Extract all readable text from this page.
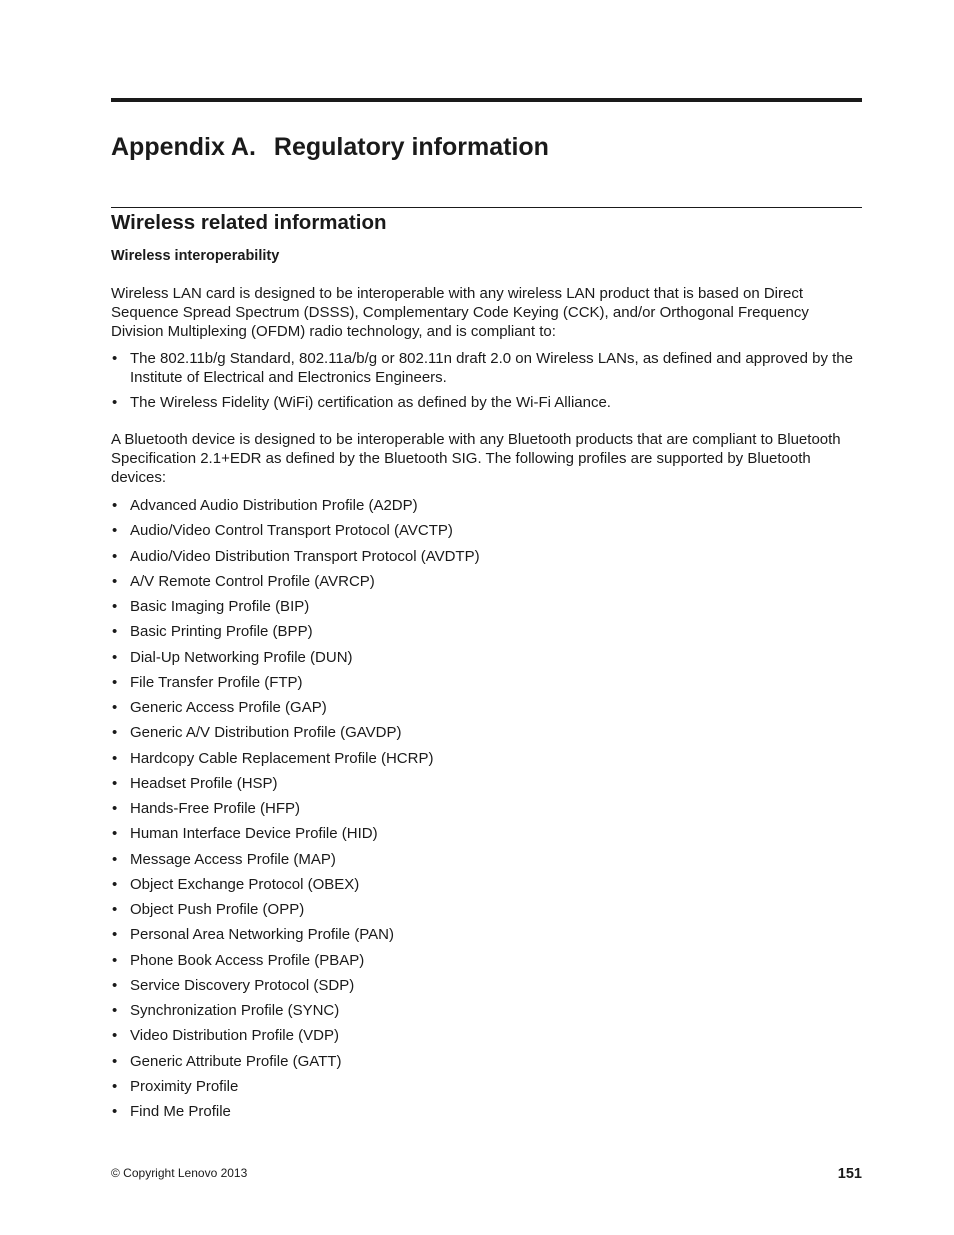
Appendix A. Regulatory information
Wireless related information
Wireless interoperability

Wireless LAN card is designed to be interoperable with any wireless LAN product that is based on Direct Sequence Spread Spectrum (DSSS), Complementary Code Keying (CCK), and/or Orthogonal Frequency Division Multiplexing (OFDM) radio technology, and is compliant to:

• The 802.11b/g Standard, 802.11a/b/g or 802.11n draft 2.0 on Wireless LANs, as defined and approved by the Institute of Electrical and Electronics Engineers.
• The Wireless Fidelity (WiFi) certification as defined by the Wi-Fi Alliance.

A Bluetooth device is designed to be interoperable with any Bluetooth products that are compliant to Bluetooth Specification 2.1+EDR as defined by the Bluetooth SIG. The following profiles are supported by Bluetooth devices:

• Advanced Audio Distribution Profile (A2DP)
• Audio/Video Control Transport Protocol (AVCTP)
• Audio/Video Distribution Transport Protocol (AVDTP)
• A/V Remote Control Profile (AVRCP)
• Basic Imaging Profile (BIP)
• Basic Printing Profile (BPP)
• Dial-Up Networking Profile (DUN)
• File Transfer Profile (FTP)
• Generic Access Profile (GAP)
• Generic A/V Distribution Profile (GAVDP)
• Hardcopy Cable Replacement Profile (HCRP)
• Headset Profile (HSP)
• Hands-Free Profile (HFP)
• Human Interface Device Profile (HID)
• Message Access Profile (MAP)
• Object Exchange Protocol (OBEX)
• Object Push Profile (OPP)
• Personal Area Networking Profile (PAN)
• Phone Book Access Profile (PBAP)
• Service Discovery Protocol (SDP)
• Synchronization Profile (SYNC)
• Video Distribution Profile (VDP)
• Generic Attribute Profile (GATT)
• Proximity Profile
• Find Me Profile

© Copyright Lenovo 2013	151
